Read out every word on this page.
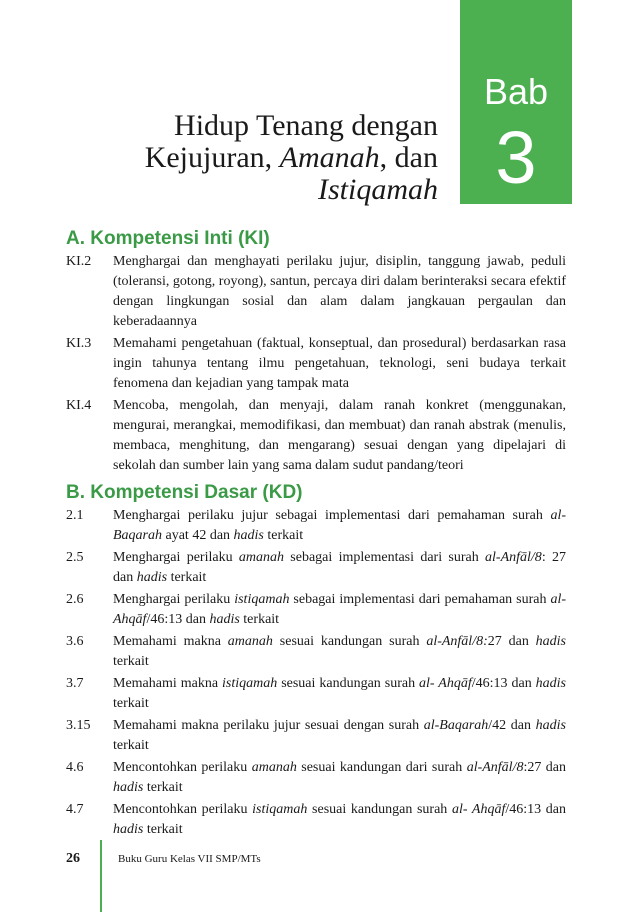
Bab
3
Hidup Tenang dengan
Kejujuran, Amanah, dan
Istiqamah
A. Kompetensi Inti (KI)
KI.2	Menghargai dan menghayati perilaku jujur, disiplin, tanggung jawab, peduli (toleransi, gotong, royong), santun, percaya diri dalam berinteraksi secara efektif dengan lingkungan sosial dan alam dalam jangkauan pergaulan dan keberadaannya
KI.3	Memahami pengetahuan (faktual, konseptual, dan prosedural) berdasarkan rasa ingin tahunya tentang ilmu pengetahuan, teknologi, seni budaya terkait fenomena dan kejadian yang tampak mata
KI.4	Mencoba, mengolah, dan menyaji, dalam ranah konkret (menggunakan, mengurai, merangkai, memodifikasi, dan membuat) dan ranah abstrak (menulis, membaca, menghitung, dan mengarang) sesuai dengan yang dipelajari di sekolah dan sumber lain yang sama dalam sudut pandang/teori
B. Kompetensi Dasar (KD)
2.1	Menghargai perilaku jujur sebagai implementasi dari pemahaman surah al-Baqarah ayat 42 dan hadis terkait
2.5	Menghargai perilaku amanah sebagai implementasi dari surah al-Anfāl/8: 27 dan hadis terkait
2.6	Menghargai perilaku istiqamah sebagai implementasi dari pemahaman surah al-Ahqāf/46:13 dan hadis terkait
3.6	Memahami makna amanah sesuai kandungan surah al-Anfāl/8:27 dan hadis terkait
3.7	Memahami makna istiqamah sesuai kandungan surah al- Ahqāf/46:13 dan hadis terkait
3.15	Memahami makna perilaku jujur sesuai dengan surah al-Baqarah/42 dan hadis terkait
4.6	Mencontohkan perilaku amanah sesuai kandungan dari surah al-Anfāl/8:27 dan hadis terkait
4.7	Mencontohkan perilaku istiqamah sesuai kandungan surah al- Ahqāf/46:13 dan hadis terkait
26	Buku Guru Kelas VII SMP/MTs
